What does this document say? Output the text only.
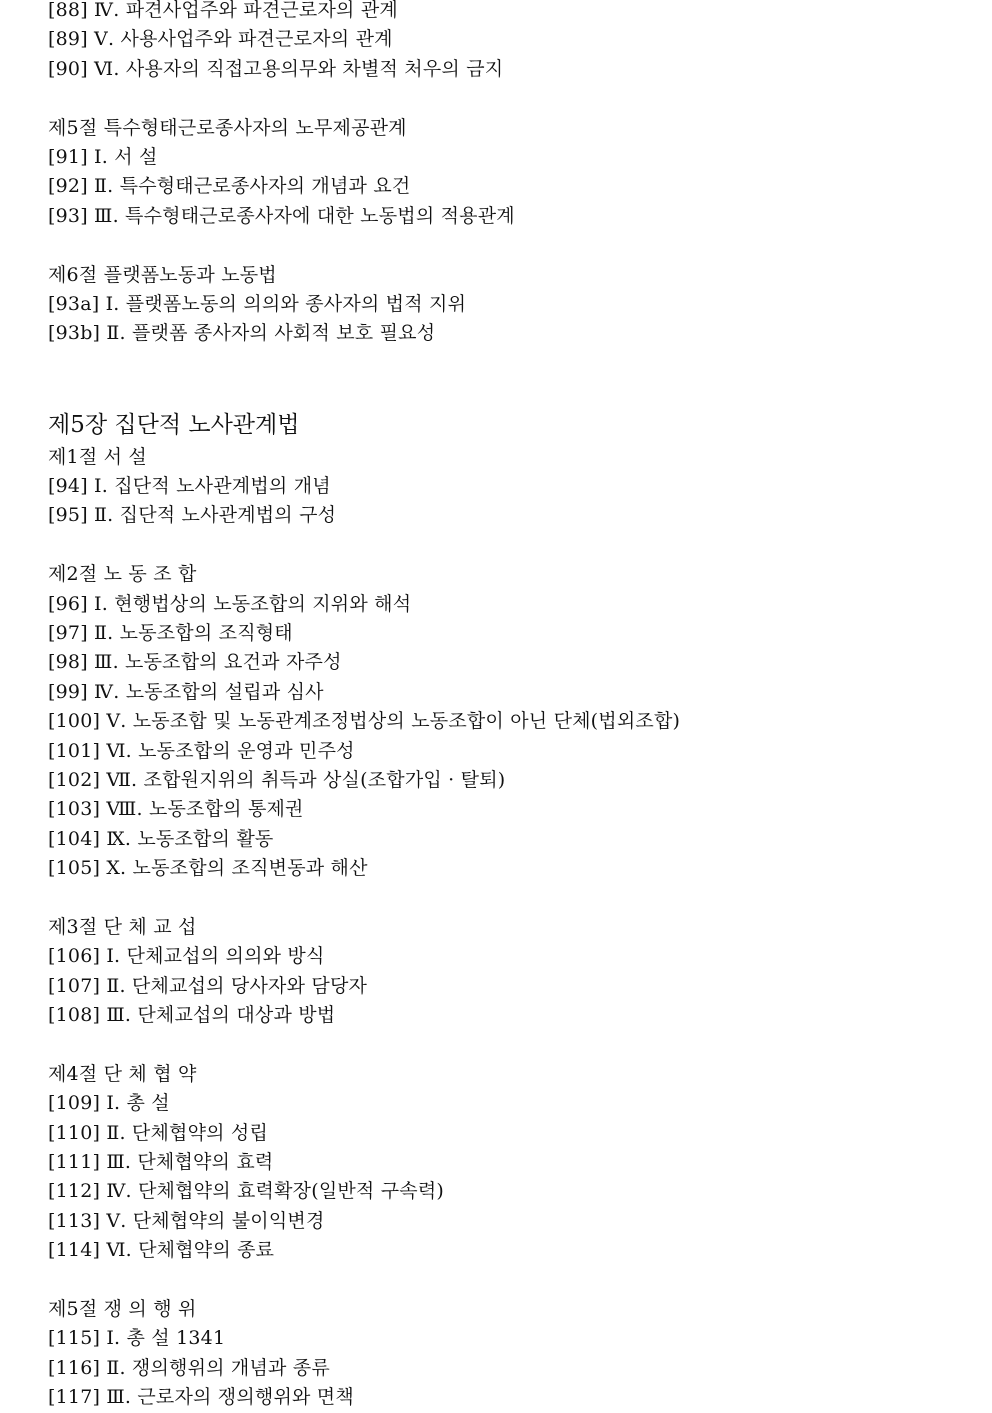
[88] Ⅳ. 파견사업주와 파견근로자의 관계
[89] Ⅴ. 사용사업주와 파견근로자의 관계
[90] Ⅵ. 사용자의 직접고용의무와 차별적 처우의 금지
제5절 특수형태근로종사자의 노무제공관계
[91] Ⅰ. 서 설
[92] Ⅱ. 특수형태근로종사자의 개념과 요건
[93] Ⅲ. 특수형태근로종사자에 대한 노동법의 적용관계
제6절 플랫폼노동과 노동법
[93a] Ⅰ. 플랫폼노동의 의의와 종사자의 법적 지위
[93b] Ⅱ. 플랫폼 종사자의 사회적 보호 필요성
제5장 집단적 노사관계법
제1절 서 설
[94] Ⅰ. 집단적 노사관계법의 개념
[95] Ⅱ. 집단적 노사관계법의 구성
제2절 노 동 조 합
[96] Ⅰ. 현행법상의 노동조합의 지위와 해석
[97] Ⅱ. 노동조합의 조직형태
[98] Ⅲ. 노동조합의 요건과 자주성
[99] Ⅳ. 노동조합의 설립과 심사
[100] Ⅴ. 노동조합 및 노동관계조정법상의 노동조합이 아닌 단체(법외조합)
[101] Ⅵ. 노동조합의 운영과 민주성
[102] Ⅶ. 조합원지위의 취득과 상실(조합가입 · 탈퇴)
[103] Ⅷ. 노동조합의 통제권
[104] Ⅸ. 노동조합의 활동
[105] Ⅹ. 노동조합의 조직변동과 해산
제3절 단 체 교 섭
[106] Ⅰ. 단체교섭의 의의와 방식
[107] Ⅱ. 단체교섭의 당사자와 담당자
[108] Ⅲ. 단체교섭의 대상과 방법
제4절 단 체 협 약
[109] Ⅰ. 총 설
[110] Ⅱ. 단체협약의 성립
[111] Ⅲ. 단체협약의 효력
[112] Ⅳ. 단체협약의 효력확장(일반적 구속력)
[113] Ⅴ. 단체협약의 불이익변경
[114] Ⅵ. 단체협약의 종료
제5절 쟁 의 행 위
[115] Ⅰ. 총 설 1341
[116] Ⅱ. 쟁의행위의 개념과 종류
[117] Ⅲ. 근로자의 쟁의행위와 면책
